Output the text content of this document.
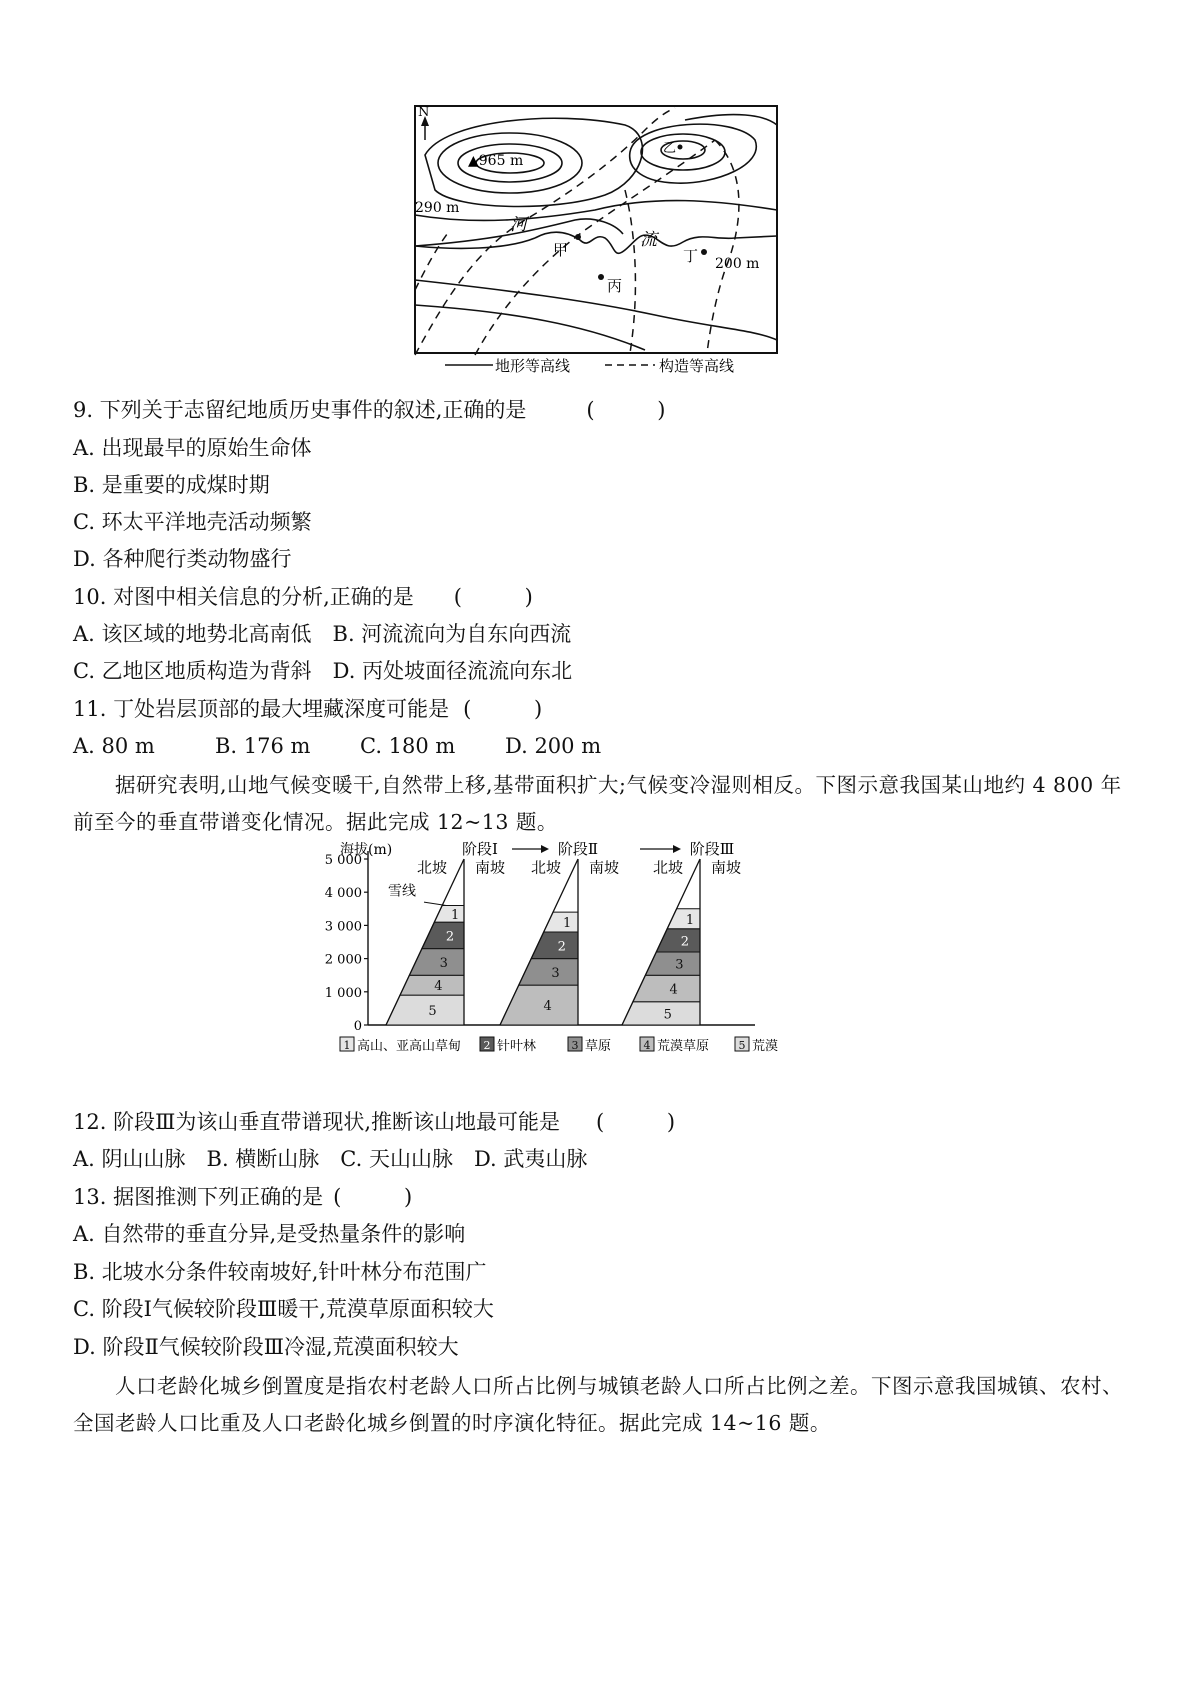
N
▲965 m
乙
290 m
河
流
甲	丁 200 m
丙
地形等高线	构造等高线
9. 下列关于志留纪地质历史事件的叙述,正确的是	( )
A. 出现最早的原始生命体
B. 是重要的成煤时期
C. 环太平洋地壳活动频繁
D. 各种爬行类动物盛行
10. 对图中相关信息的分析,正确的是 ( )
A. 该区域的地势北高南低　B. 河流流向为自东向西流
C. 乙地区地质构造为背斜　D. 丙处坡面径流流向东北
11. 丁处岩层顶部的最大埋藏深度可能是 ( )
A. 80 m	B. 176 m C. 180 m D. 200 m
据研究表明,山地气候变暖干,自然带上移,基带面积扩大;气候变冷湿则相反。下图示意我国某山地约 4 800 年前至今的垂直带谱变化情况。据此完成 12~13 题。
0
1 000
2 000
3 000
4 000
5 000
海拔(m)
5
4
3
2
1
北坡 南坡
雪线
4
3
2
1
北坡 南坡
5
4
3
2
1
北坡 南坡
阶段Ⅰ	阶段Ⅱ	阶段Ⅲ
1 高山、亚高山草甸 2 针叶林	3 草原	4 荒漠草原	5 荒漠
12. 阶段Ⅲ为该山垂直带谱现状,推断该山地最可能是 ( )
A. 阴山山脉　B. 横断山脉　C. 天山山脉　D. 武夷山脉
13. 据图推测下列正确的是 ( )
A. 自然带的垂直分异,是受热量条件的影响
B. 北坡水分条件较南坡好,针叶林分布范围广
C. 阶段Ⅰ气候较阶段Ⅲ暖干,荒漠草原面积较大
D. 阶段Ⅱ气候较阶段Ⅲ冷湿,荒漠面积较大
人口老龄化城乡倒置度是指农村老龄人口所占比例与城镇老龄人口所占比例之差。下图示意我国城镇、农村、全国老龄人口比重及人口老龄化城乡倒置的时序演化特征。据此完成 14~16 题。
